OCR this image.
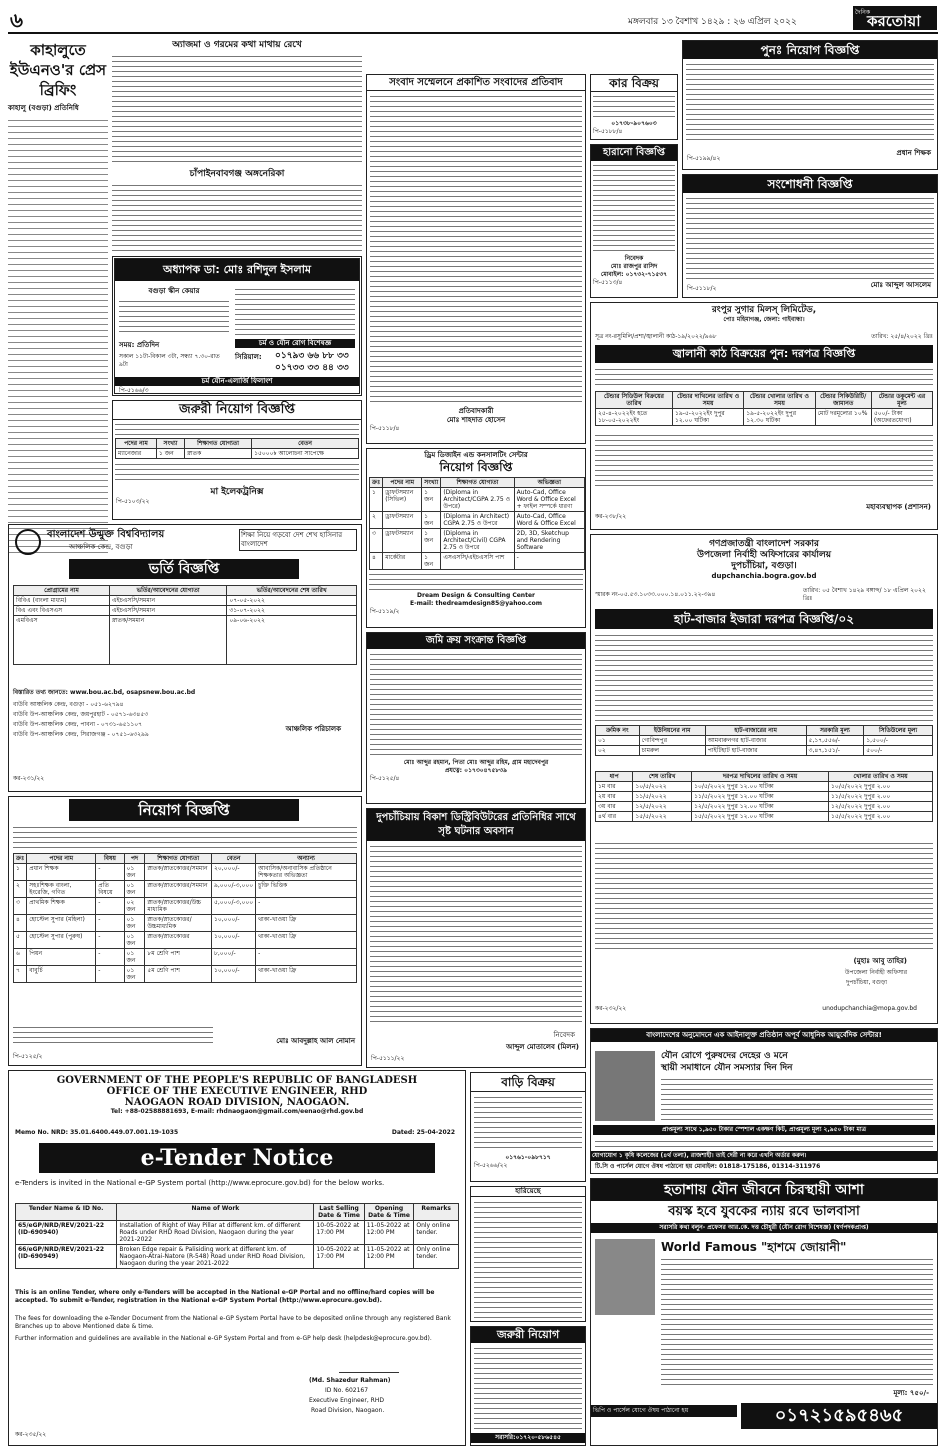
৬	মঙ্গলবার ১৩ বৈশাখ ১৪২৯ : ২৬ এপ্রিল ২০২২
দৈনিক
করতোয়া
কাহালুতে ইউএনও'র প্রেস ব্রিফিং
কাহালু (বগুড়া) প্রতিনিধি
অ্যাজমা ও গরমের কথা মাথায় রেখে
চাঁপাইনবাবগঞ্জ অঙ্গনেরিকা
অধ্যাপক ডা: মোঃ রশিদুল ইসলাম
বগুড়া স্কীন কেয়ার
চর্ম ও যৌন রোগ বিশেষজ্ঞ
সময়: প্রতিদিন
সকাল ১১টা-বিকাল ৩টা, সন্ধ্যা ৭.৩০-রাত ৯টা
সিরিয়াল: ০১৭৯৩ ৬৬ ৮৮ ৩৩
০১৭৩৩ ৩৩ ৪৪ ৩৩
চর্ম যৌন-এলার্জি ফিলাংশ
পি-৫১৬৬/৩
জরুরী নিয়োগ বিজ্ঞপ্তি
পদের নাম	সংখ্যা	শিক্ষাগত যোগ্যতা	বেতন
ম্যানেজার	১ জন	স্নাতক	১৫০০০৳ আলোচনা সাপেক্ষে
মা ইলেকট্রনিক্স
পি-৫১০৩/২২
সংবাদ সম্মেলনে প্রকাশিত সংবাদের প্রতিবাদ
প্রতিবাদকারী
মোঃ শাহদাত হোসেন
পি-৫১১৮/৪
ড্রিম ডিজাইন এন্ড কনসালটিং সেন্টার
নিয়োগ বিজ্ঞপ্তি
ক্রঃ	পদের নাম	সংখ্যা	শিক্ষাগত যোগ্যতা	অভিজ্ঞতা
১	ড্রাফটসম্যান (সিভিল)	১ জন	(Diploma in Architect/CGPA 2.75 ও উপরে)	Auto-Cad, Office Word & Office Excel + ফাইল সম্পর্কে ধারণা
২	ড্রাফটসম্যান	১ জন	(Diploma in Architect) CGPA 2.75 ও উপরে	Auto-Cad, Office Word & Office Excel
৩	ড্রাফটসম্যান	১ জন	(Diploma in Architect/Civil) CGPA 2.75 ও উপরে	2D, 3D, Sketchup and Rendering Software
৪	মার্কেটার	১ জন	এসএসসি/এইচএসসি পাশ	-
Dream Design & Consulting Center
E-mail: thedreamdesign85@yahoo.com
পি-৫১১৯/২
কার বিক্রয়
০১৭৩৮-৯০৭৬০৩
পি-৫১৮৮/৪
হারানো বিজ্ঞপ্তি
নিবেদক
মোঃ রাজপুর রাসিদ
মোবাইল: ০১৭৩২-৭১৫৩৭
পি-৫১১৩/৪
পুনঃ নিয়োগ বিজ্ঞপ্তি
প্রধান শিক্ষক
পি-৫১৯৯/৪২
সংশোধনী বিজ্ঞপ্তি
মোঃ আব্দুল আসলেম
পি-৫১১৮/২
রংপুর সুগার মিলস্ লিমিটেড,
পোঃ মহিমাগঞ্জ, জেলা: গাইবান্ধা।
সূত্র নং-রসুমিলি/প্রশা/জ্বালানী কাঠ-১৯/২০২২/৯৬৮	তারিখ: ২৫/৪/২০২২ খ্রিঃ
জ্বালানী কাঠ বিক্রয়ের পুন: দরপত্র বিজ্ঞপ্তি
টেন্ডার সিডিউল বিক্রয়ের তারিখ	টেন্ডার দাখিলের তারিখ ও সময়	টেন্ডার খোলার তারিখ ও সময়	টেন্ডার সিকিউরিটি/জামানত	টেন্ডার ডকুমেন্ট এর মূল্য
২৫-৪-২০২২ইং হতে ১৮-০৫-২০২২ইং	১৯-৫-২০২২ইং দুপুর ১২.০০ ঘটিকা	১৯-৫-২০২২ইং দুপুর ১২.৩০ ঘটিকা	মোট দরমূল্যের ১০%	৫০০/- টাকা (অফেরতযোগ্য)
মহাব্যবস্থাপক (প্রশাসন)
কর-২৩৮/২২
বাংলাদেশ উন্মুক্ত বিশ্ববিদ্যালয়
আঞ্চলিক কেন্দ্র, বগুড়া
শিক্ষা নিয়ে গড়বো দেশ শেখ হাসিনার বাংলাদেশ
ভর্তি বিজ্ঞপ্তি
প্রোগ্রামের নাম	ভর্তির/আবেদনের যোগ্যতা	ভর্তির/আবেদনের শেষ তারিখ
বিবিএ (বাংলা মাধ্যম)	এইচএসসি/সমমান	০৭-০৫-২০২২
বিএ এবং বিএসএস	এইচএসসি/সমমান	৩১-০৭-২০২২
এমবিএস	স্নাতক/সমমান	০৯-০৬-২০২২
বিস্তারিত তথ্য জানতে: www.bou.ac.bd, osapsnew.bou.ac.bd
বাউবি আঞ্চলিক কেন্দ্র, বগুড়া - ০৫১-৬২৭৯৪
বাউবি উপ-আঞ্চলিক কেন্দ্র, জয়পুরহাট - ০৫৭১-৬৩৪৫৩
বাউবি উপ-আঞ্চলিক কেন্দ্র, পাবনা - ০৭৩১-৬৫১১০৭
বাউবি উপ-আঞ্চলিক কেন্দ্র, সিরাজগঞ্জ - ০৭৫১-৬৩২৯৯
আঞ্চলিক পরিচালক
কর-২৩১/২২
গণপ্রজাতন্ত্রী বাংলাদেশ সরকার
উপজেলা নির্বাহী অফিসারের কার্যালয়
দুপচাঁচিয়া, বগুড়া।
dupchanchia.bogra.gov.bd
স্মারক নং-০৫.৫৩.১০৩৩.০০০.১৪.০১১.২২-৩৯৪
তারিখ: ০৫ বৈশাখ ১৪২৯ বঙ্গাব্দ/ ১৮ এপ্রিল ২০২২ খ্রিঃ
হাট-বাজার ইজারা দরপত্র বিজ্ঞপ্তি/০২
ক্রমিক নং	ইউনিয়নের নাম	হাট-বাজারের নাম	সরকারি মূল্য	সিডিউলের মূল্য
০১	গোবিন্দপুর	আমবারুনগর হাট-বাজার	৫,১৭,৫৫৬/-	১,৫০০/-
০২	চামরুল	পাইটিহাট হাট-বাজার	৩,৪৭,১৫১/-	৫০০/-
ধাপ	শেষ তারিখ	দরপত্র দাখিলের তারিখ ও সময়	খোলার তারিখ ও সময়
১ম বার	১০/৫/২০২২	১০/৫/২০২২ দুপুর ১২.০০ ঘটিকা	১০/৫/২০২২ দুপুর ২.০০
২য় বার	১১/৫/২০২২	১১/৫/২০২২ দুপুর ১২.০০ ঘটিকা	১১/৫/২০২২ দুপুর ২.০০
৩য় বার	১২/৫/২০২২	১২/৫/২০২২ দুপুর ১২.০০ ঘটিকা	১২/৫/২০২২ দুপুর ২.০০
৪র্থ বার	১৫/৫/২০২২	১৫/৫/২০২২ দুপুর ১২.০০ ঘটিকা	১৫/৫/২০২২ দুপুর ২.০০
(মুহাঃ আবু তাহির)
উপজেলা নির্বাহী অফিসার
দুপচাঁচিয়া, বগুড়া
unodupchanchia@mopa.gov.bd
কর-২৩২/২২
নিয়োগ বিজ্ঞপ্তি
ক্রঃ	পদের নাম	বিষয়	পদ	শিক্ষাগত যোগ্যতা	বেতন	অন্যান্য
১	প্রধান শিক্ষক	-	০১ জন	স্নাতক/স্নাতকোত্তর/সমমান	২০,০০০/-	আবাসিক/অনাবাসিক প্রতিষ্ঠানে শিক্ষকতার অভিজ্ঞতা
২	সহঃশিক্ষক বাংলা, ইংরেজি, গণিত	প্রতি বিষয়ে	০১ জন	স্নাতক/স্নাতকোত্তর/সমমান	৯,০০০/-৩,০০০	চুক্তি ভিত্তিক
৩	প্রাথমিক শিক্ষক	-	০২ জন	স্নাতক/স্নাতকোত্তর/উচ্চ মাধ্যমিক	৫,০০০/-৩,০০০	-
৪	হোস্টেল সুপার (মহিলা)	-	০১ জন	স্নাতক/স্নাতকোত্তর/উচ্চমাধ্যমিক	১০,০০০/-	থাকা-খাওয়া ফ্রি
৫	হোস্টেল সুপার (পুরুষ)	-	০১ জন	স্নাতক/স্নাতকোত্তর	১০,০০০/-	থাকা-খাওয়া ফ্রি
৬	পিয়ন	-	০১ জন	৮ম শ্রেণি পাশ	৮,০০০/-	-
৭	বাবুর্চি	-	০১ জন	৫ম শ্রেণি পাশ	১০,০০০/-	থাকা-খাওয়া ফ্রি
মোঃ আবদুল্লাহ আল নোমান
পি-৫১২৫/২
জমি ক্রয় সংক্রান্ত বিজ্ঞপ্তি
মোঃ আব্দুর রহমান, পিতা মোঃ আব্দুর রহিম, গ্রাম মহাদেবপুর
প্রযত্নে: ০১৭৩০৪৭৫৮৩৯
পি-৫১২৫/৪
দুপচাঁচিয়ায় বিকাশ ডিস্ট্রিবিউটরের প্রতিনিধির সাথে সৃষ্ট ঘটনার অবসান
নিবেদক
আব্দুল মোতালেব (মিলন)
পি-৫১১১/২২
বাংলাদেশের অনুমোদনে এক আইনালুক্ত প্রতিষ্ঠান অপূর্ব আধুনিক আয়ুর্বেদিক সেন্টার!
যৌন রোগে পুরুষদের দেহের ও মনে
স্থায়ী সমাধানে যৌন সমস্যার দিন দিন
প্রাপ্তমূল্য সাথে ১,৯৫০ টাকার স্পেশাল একক্ষণ কিট, প্রাপ্তমূল্য মূল্য ২,৯৫০ টাকা মাত্র
যোগাযোগ ১ কৃষি কলেজের (৪র্থ তলা), রাজশাহী। তাই দেরী না করে এখনি অর্ডার করুন।
টি.সি ও পার্সেল যোগে ঔষধ পাঠানো হয় মোবাইল: 01818-175186, 01314-311976
হতাশায় যৌন জীবনে চিরস্থায়ী আশা
বয়স্ক হবে যুবকের ন্যায় রবে ভালবাসা
সরাসরি কথা বলুন- প্রফেসর আর.কে. দত্ত চৌধুরী (যৌন রোগ বিশেষজ্ঞ) (স্বর্ণপদকপ্রাপ্ত)
World Famous "হাশমে জোয়ানী"
মূল্য: ৭৫০/-
০১৭২১৫৯৫৪৬৫
ভিপি ও পার্সেল যোগে ঔষধ পাঠানো হয়
GOVERNMENT OF THE PEOPLE'S REPUBLIC OF BANGLADESH
OFFICE OF THE EXECUTIVE ENGINEER, RHD
NAOGAON ROAD DIVISION, NAOGAON.
Tel: +88-02588881693, E-mail: rhdnaogaon@gmail.com/eenao@rhd.gov.bd
Memo No. NRD: 35.01.6400.449.07.001.19-1035	Dated: 25-04-2022
e-Tender Notice
e-Tenders is invited in the National e-GP System portal (http://www.eprocure.gov.bd) for the below works.
Tender Name & ID No.	Name of Work	Last Selling Date & Time	Opening Date & Time	Remarks
65/eGP/NRD/REV/2021-22 (ID-690940)	Installation of Right of Way Pillar at different km. of different Roads under RHD Road Division, Naogaon during the year 2021-2022	10-05-2022 at 17:00 PM	11-05-2022 at 12:00 PM	Only online tender.
66/eGP/NRD/REV/2021-22 (ID-690949)	Broken Edge repair & Palisiding work at different km. of Naogaon-Atrai-Natore (R-548) Road under RHD Road Division, Naogaon during the year 2021-2022	10-05-2022 at 17:00 PM	11-05-2022 at 12:00 PM	Only online tender.
This is an online Tender, where only e-Tenders will be accepted in the National e-GP Portal and no offline/hard copies will be accepted. To submit e-Tender, registration in the National e-GP System Portal (http://www.eprocure.gov.bd).
The fees for downloading the e-Tender Document from the National e-GP System Portal have to be deposited online through any registered Bank Branches up to above Mentioned date & time.
Further information and guidelines are available in the National e-GP System Portal and from e-GP help desk (helpdesk@eprocure.gov.bd).
(Md. Shazedur Rahman)
ID No. 602167
Executive Engineer, RHD
Road Division, Naogaon.
কর-২৩৫/২২
বাড়ি বিক্রয়
০১৭৬১-০৯৮৭১৭
পি-৫২৬৬/২২
হারিয়েছে
জরুরী নিয়োগ
সরাসরি:০১৭২০-৫৮৬৫৪৫
